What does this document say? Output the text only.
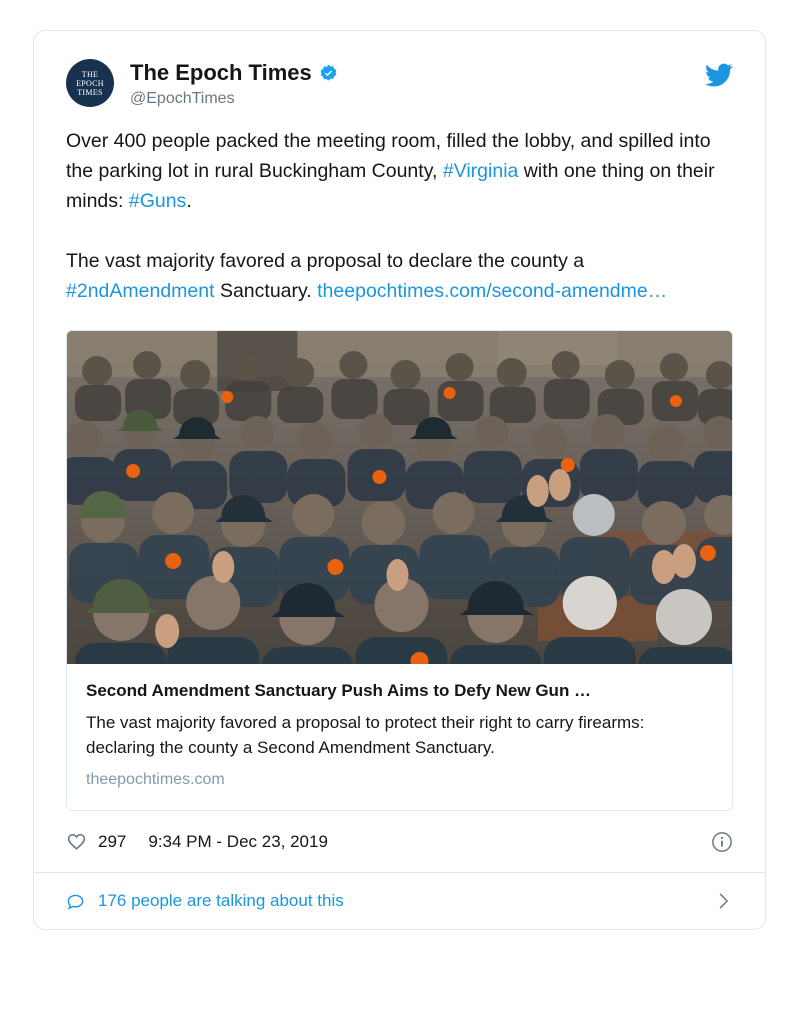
THE
EPOCH
TIMES
The Epoch Times
@EpochTimes

Over 400 people packed the meeting room, filled the lobby, and spilled into the parking lot in rural Buckingham County, #Virginia with one thing on their minds: #Guns.

The vast majority favored a proposal to declare the county a #2ndAmendment Sanctuary. theepochtimes.com/second-amendme…

Second Amendment Sanctuary Push Aims to Defy New Gun …
The vast majority favored a proposal to protect their right to carry firearms: declaring the county a Second Amendment Sanctuary.
theepochtimes.com
297 9:34 PM - Dec 23, 2019
176 people are talking about this
